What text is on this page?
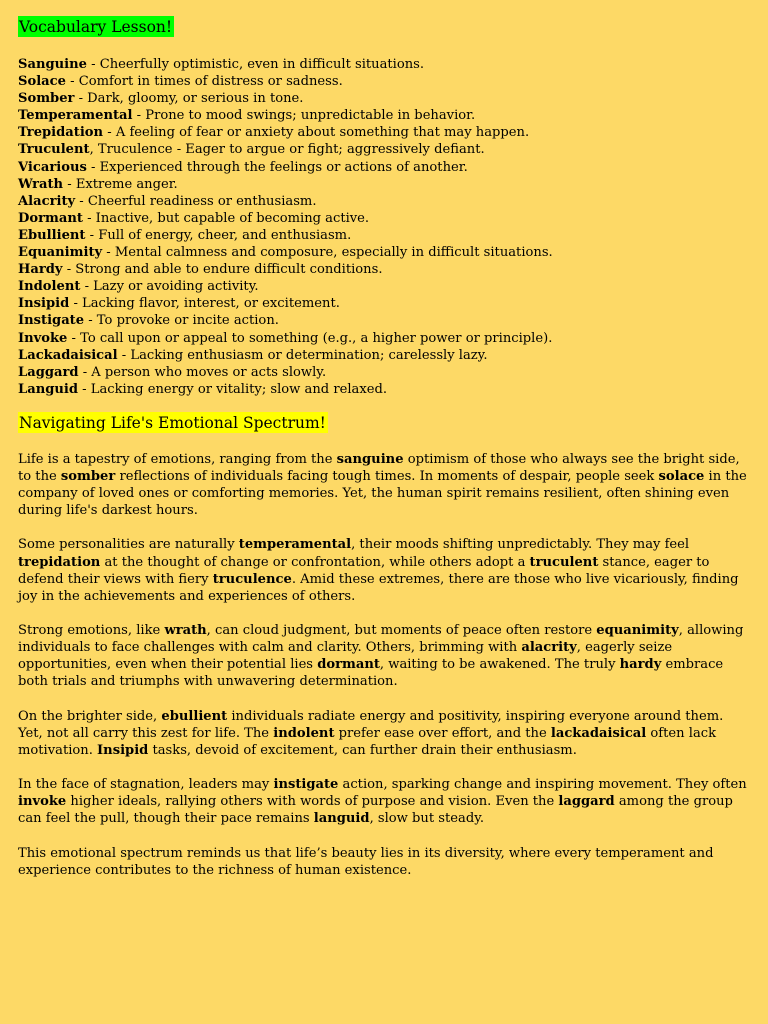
Vocabulary Lesson!
Sanguine - Cheerfully optimistic, even in difficult situations.
Solace - Comfort in times of distress or sadness.
Somber - Dark, gloomy, or serious in tone.
Temperamental - Prone to mood swings; unpredictable in behavior.
Trepidation - A feeling of fear or anxiety about something that may happen.
Truculent, Truculence - Eager to argue or fight; aggressively defiant.
Vicarious - Experienced through the feelings or actions of another.
Wrath - Extreme anger.
Alacrity - Cheerful readiness or enthusiasm.
Dormant - Inactive, but capable of becoming active.
Ebullient - Full of energy, cheer, and enthusiasm.
Equanimity - Mental calmness and composure, especially in difficult situations.
Hardy - Strong and able to endure difficult conditions.
Indolent - Lazy or avoiding activity.
Insipid - Lacking flavor, interest, or excitement.
Instigate - To provoke or incite action.
Invoke - To call upon or appeal to something (e.g., a higher power or principle).
Lackadaisical - Lacking enthusiasm or determination; carelessly lazy.
Laggard - A person who moves or acts slowly.
Languid - Lacking energy or vitality; slow and relaxed.
Navigating Life's Emotional Spectrum!

Life is a tapestry of emotions, ranging from the sanguine optimism of those who always see the bright side, to the somber reflections of individuals facing tough times. In moments of despair, people seek solace in the company of loved ones or comforting memories. Yet, the human spirit remains resilient, often shining even during life's darkest hours.

Some personalities are naturally temperamental, their moods shifting unpredictably. They may feel trepidation at the thought of change or confrontation, while others adopt a truculent stance, eager to defend their views with fiery truculence. Amid these extremes, there are those who live vicariously, finding joy in the achievements and experiences of others.

Strong emotions, like wrath, can cloud judgment, but moments of peace often restore equanimity, allowing individuals to face challenges with calm and clarity. Others, brimming with alacrity, eagerly seize opportunities, even when their potential lies dormant, waiting to be awakened. The truly hardy embrace both trials and triumphs with unwavering determination.

On the brighter side, ebullient individuals radiate energy and positivity, inspiring everyone around them. Yet, not all carry this zest for life. The indolent prefer ease over effort, and the lackadaisical often lack motivation. Insipid tasks, devoid of excitement, can further drain their enthusiasm.

In the face of stagnation, leaders may instigate action, sparking change and inspiring movement. They often invoke higher ideals, rallying others with words of purpose and vision. Even the laggard among the group can feel the pull, though their pace remains languid, slow but steady.

This emotional spectrum reminds us that life’s beauty lies in its diversity, where every temperament and experience contributes to the richness of human existence.
